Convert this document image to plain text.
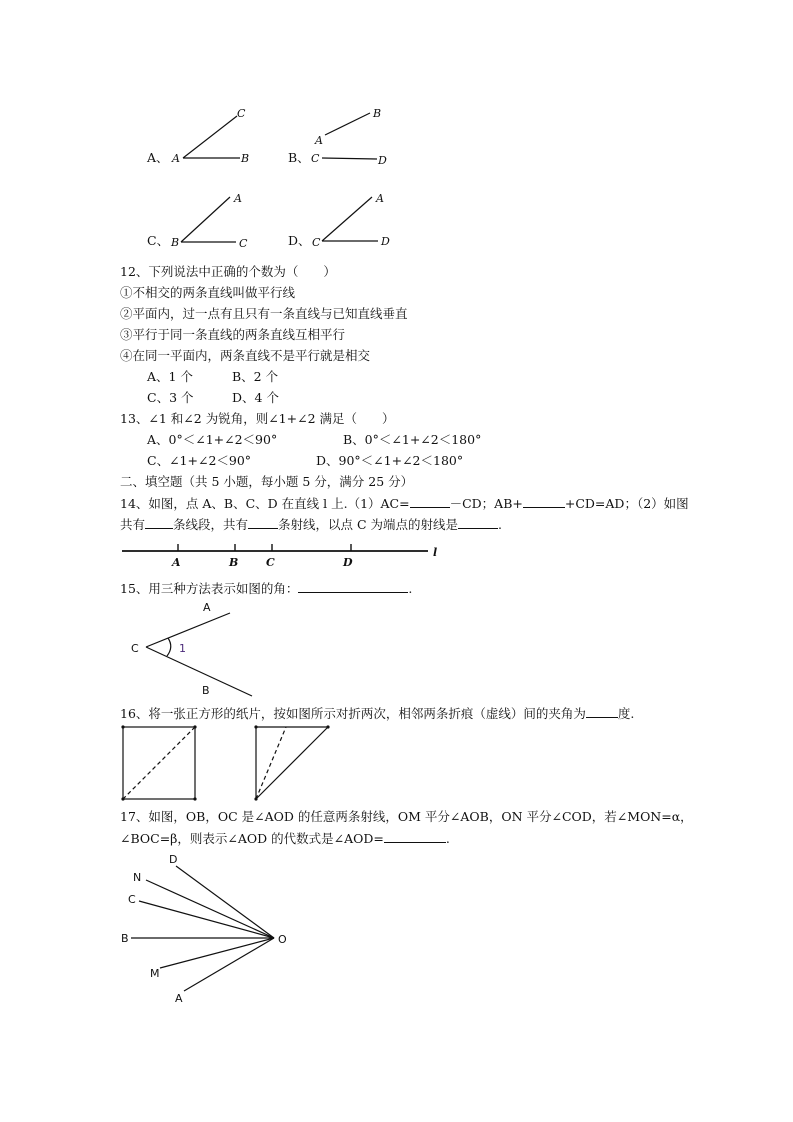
A、	B、
C、	D、
A	B
C
A
B
C	D
B
A
C	C
A
D
A	B	C	D
l
A
C
B
1
D
N
C
B
M
A
O
12、下列说法中正确的个数为（　　）
①不相交的两条直线叫做平行线
②平面内，过一点有且只有一条直线与已知直线垂直
③平行于同一条直线的两条直线互相平行
④在同一平面内，两条直线不是平行就是相交
A、1 个	B、2 个
C、3 个	D、4 个
13、∠1 和∠2 为锐角，则∠1+∠2 满足（　　）
A、0°＜∠1+∠2＜90°	B、0°＜∠1+∠2＜180°
C、∠1+∠2＜90°	D、90°＜∠1+∠2＜180°
二、填空题（共 5 小题，每小题 5 分，满分 25 分）
14、如图，点 A、B、C、D 在直线 l 上.（1）AC=	－CD；AB+	+CD=AD；（2）如图
共有 条线段，共有 条射线，以点 C 为端点的射线是	.
15、用三种方法表示如图的角：	.
16、将一张正方形的纸片，按如图所示对折两次，相邻两条折痕（虚线）间的夹角为	度.
17、如图，OB，OC 是∠AOD 的任意两条射线，OM 平分∠AOB，ON 平分∠COD，若∠MON=α，
∠BOC=β，则表示∠AOD 的代数式是∠AOD=	.
